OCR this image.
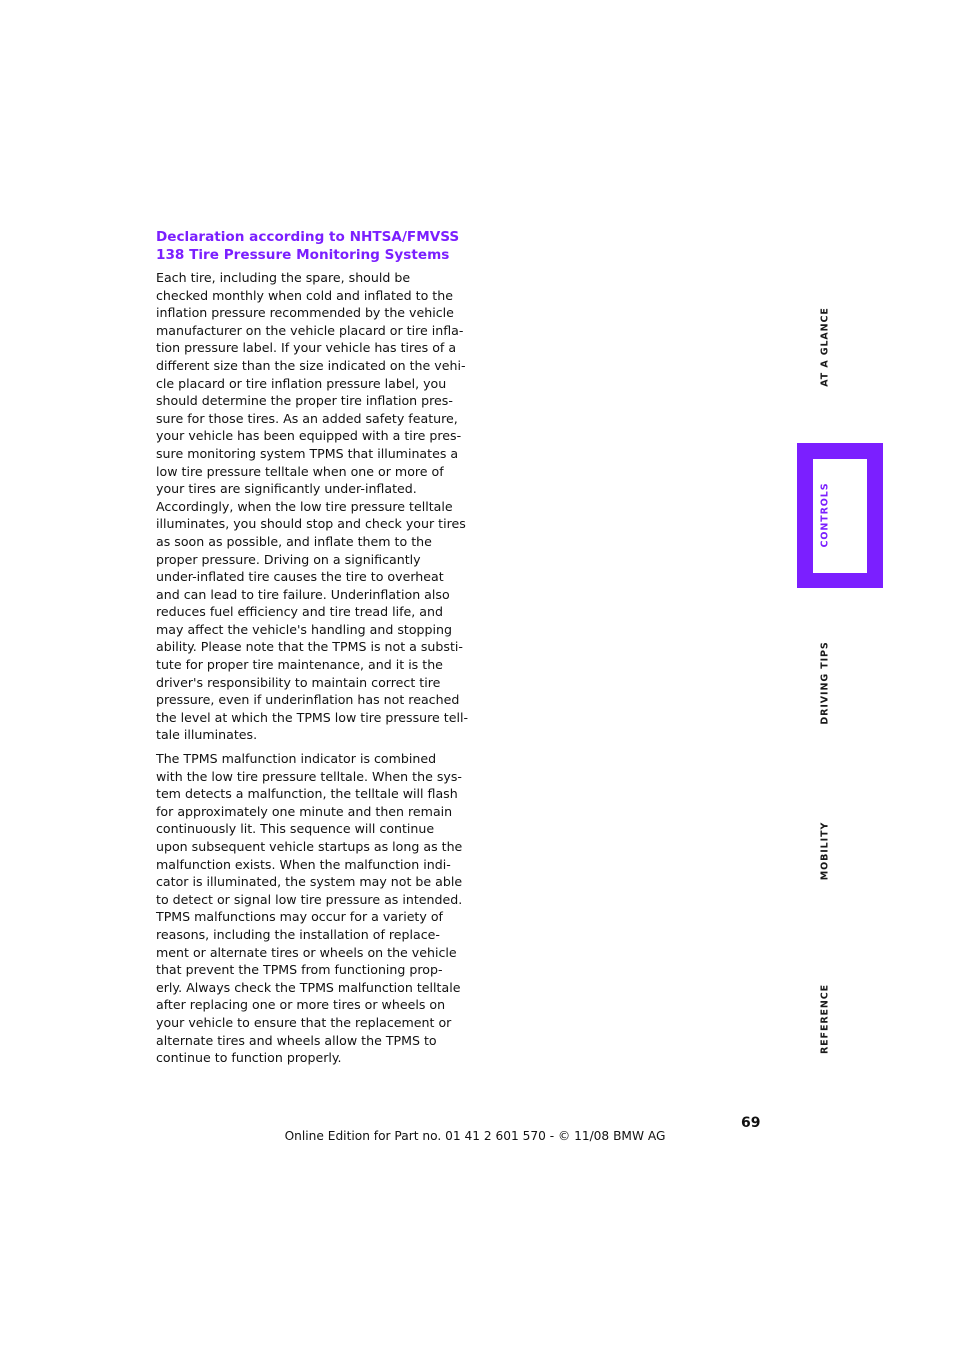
Declaration according to NHTSA/FMVSS
138 Tire Pressure Monitoring Systems

Each tire, including the spare, should be
checked monthly when cold and inflated to the
inflation pressure recommended by the vehicle
manufacturer on the vehicle placard or tire infla-
tion pressure label. If your vehicle has tires of a
different size than the size indicated on the vehi-
cle placard or tire inflation pressure label, you
should determine the proper tire inflation pres-
sure for those tires. As an added safety feature,
your vehicle has been equipped with a tire pres-
sure monitoring system TPMS that illuminates a
low tire pressure telltale when one or more of
your tires are significantly under-inflated.
Accordingly, when the low tire pressure telltale
illuminates, you should stop and check your tires
as soon as possible, and inflate them to the
proper pressure. Driving on a significantly
under-inflated tire causes the tire to overheat
and can lead to tire failure. Underinflation also
reduces fuel efficiency and tire tread life, and
may affect the vehicle's handling and stopping
ability. Please note that the TPMS is not a substi-
tute for proper tire maintenance, and it is the
driver's responsibility to maintain correct tire
pressure, even if underinflation has not reached
the level at which the TPMS low tire pressure tell-
tale illuminates.

The TPMS malfunction indicator is combined
with the low tire pressure telltale. When the sys-
tem detects a malfunction, the telltale will flash
for approximately one minute and then remain
continuously lit. This sequence will continue
upon subsequent vehicle startups as long as the
malfunction exists. When the malfunction indi-
cator is illuminated, the system may not be able
to detect or signal low tire pressure as intended.
TPMS malfunctions may occur for a variety of
reasons, including the installation of replace-
ment or alternate tires or wheels on the vehicle
that prevent the TPMS from functioning prop-
erly. Always check the TPMS malfunction telltale
after replacing one or more tires or wheels on
your vehicle to ensure that the replacement or
alternate tires and wheels allow the TPMS to
continue to function properly.

AT A GLANCE
CONTROLS
DRIVING TIPS
MOBILITY
REFERENCE

69

Online Edition for Part no. 01 41 2 601 570 - © 11/08 BMW AG
